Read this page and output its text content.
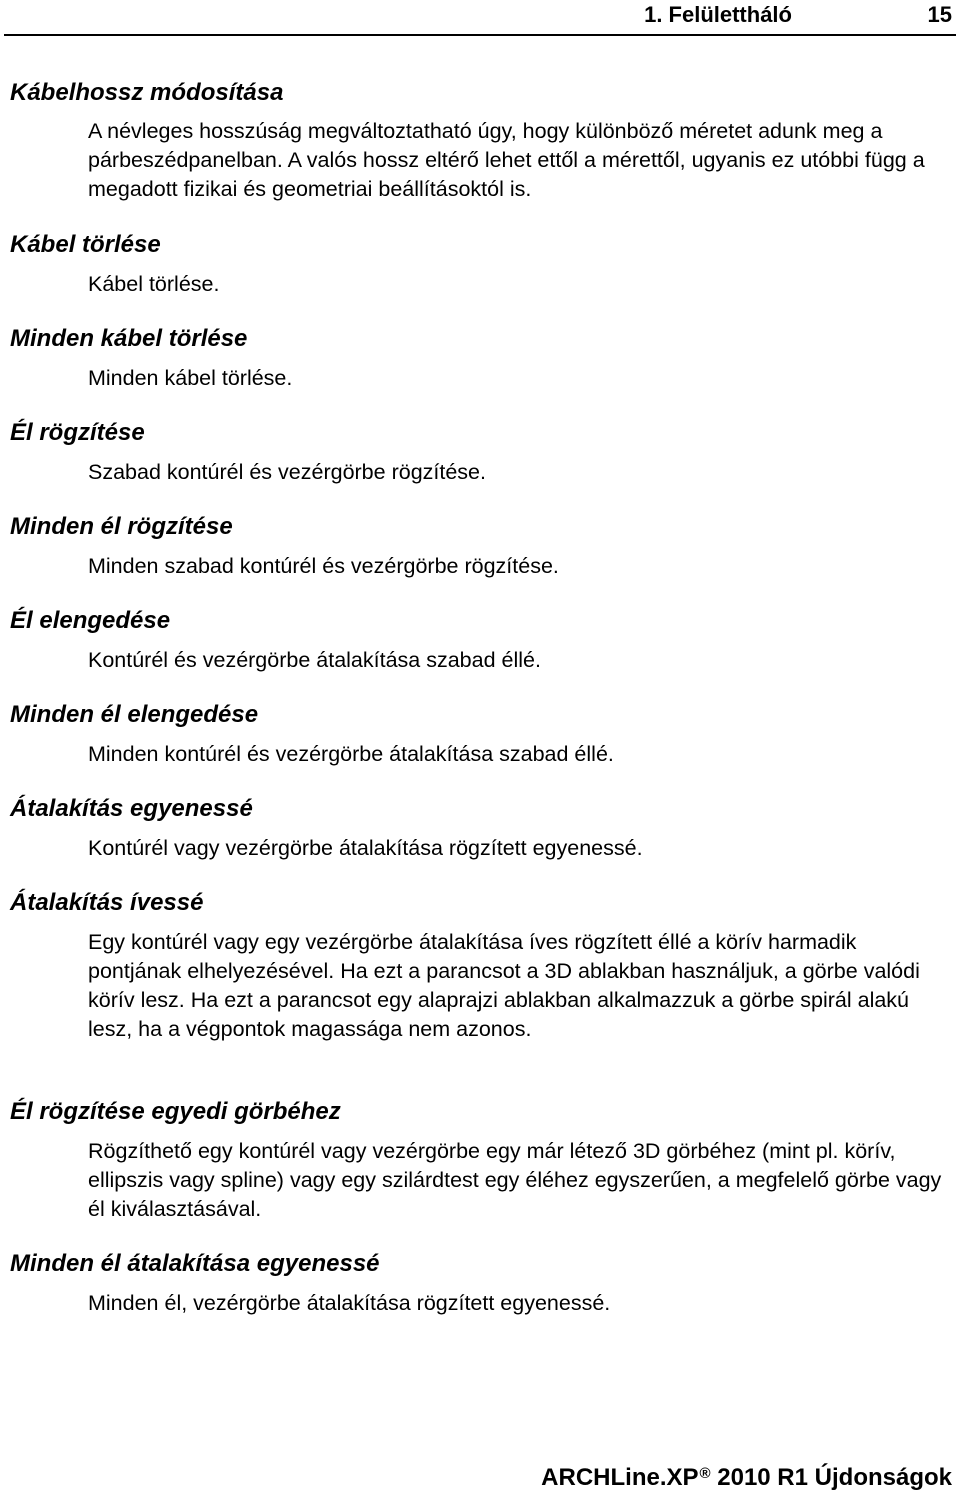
1. Felülettháló	15
Kábelhossz módosítása

A névleges hosszúság megváltoztatható úgy, hogy különböző méretet adunk meg a párbeszédpanelban. A valós hossz eltérő lehet ettől a mérettől, ugyanis ez utóbbi függ a megadott fizikai és geometriai beállításoktól is.

Kábel törlése

Kábel törlése.

Minden kábel törlése

Minden kábel törlése.

Él rögzítése

Szabad kontúrél és vezérgörbe rögzítése.

Minden él rögzítése

Minden szabad kontúrél és vezérgörbe rögzítése.

Él elengedése

Kontúrél és vezérgörbe átalakítása szabad éllé.

Minden él elengedése

Minden kontúrél és vezérgörbe átalakítása szabad éllé.

Átalakítás egyenessé

Kontúrél vagy vezérgörbe átalakítása rögzített egyenessé.

Átalakítás ívessé

Egy kontúrél vagy egy vezérgörbe átalakítása íves rögzített éllé a körív harmadik pontjának elhelyezésével. Ha ezt a parancsot a 3D ablakban használjuk, a görbe valódi körív lesz. Ha ezt a parancsot egy alaprajzi ablakban alkalmazzuk a görbe spirál alakú lesz, ha a végpontok magassága nem azonos.

Él rögzítése egyedi görbéhez

Rögzíthető egy kontúrél vagy vezérgörbe egy már létező 3D görbéhez (mint pl. körív, ellipszis vagy spline) vagy egy szilárdtest egy éléhez egyszerűen, a megfelelő görbe vagy él kiválasztásával.

Minden él átalakítása egyenessé

Minden él, vezérgörbe átalakítása rögzített egyenessé.

ARCHLine.XP® 2010 R1 Újdonságok
